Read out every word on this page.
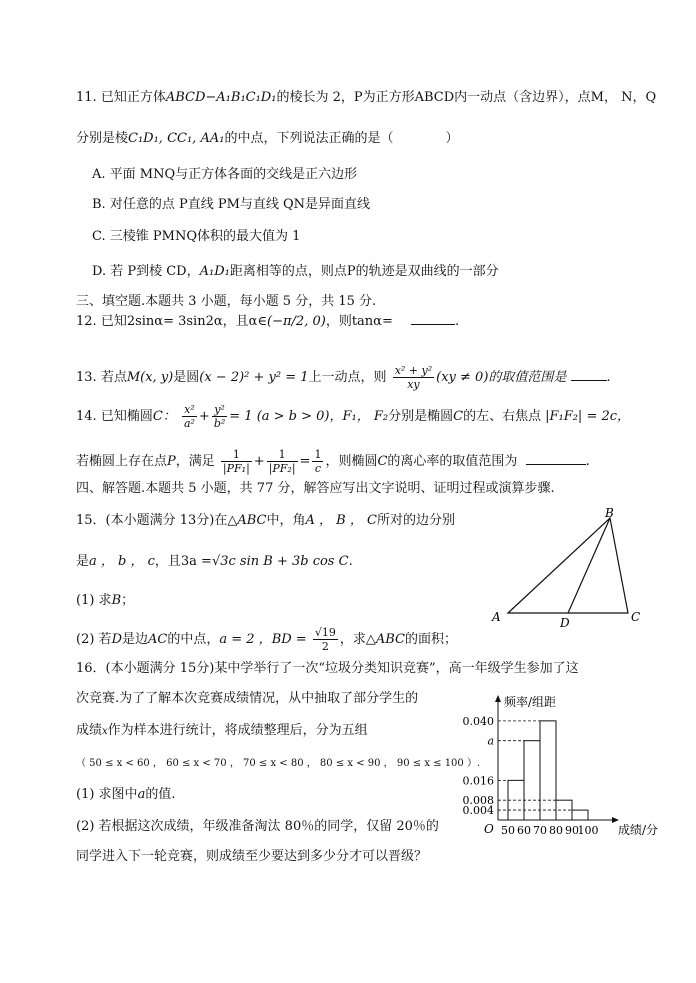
11. 已知正方体ABCD−A₁B₁C₁D₁的棱长为 2，P为正方形ABCD内一动点（含边界），点M， N，Q
分别是棱C₁D₁, CC₁, AA₁的中点，下列说法正确的是（　　　　）
A. 平面 MNQ与正方体各面的交线是正六边形
B. 对任意的点 P直线 PM与直线 QN是异面直线
C. 三棱锥 PMNQ体积的最大值为 1
D. 若 P到棱 CD，A₁D₁距离相等的点，则点P的轨迹是双曲线的一部分
三、填空题.本题共 3 小题，每小题 5 分，共 15 分.
12. 已知2sinα= 3sin2α，且α∈(−π/2, 0)，则tanα=	.
13. 若点M(x, y)是圆(x − 2)² + y² = 1上一动点，则 $\frac{\text{x² + y²}}{xy} (xy \ne 0)$的取值范围是	.
14. 已知椭圆C： $\frac{\text{x²}}{\text{a²}} + \frac{\text{y²}}{\text{b²}} = 1$ (a > b > 0)，F₁， F₂分别是椭圆C的左、右焦点 |F₁F₂| = 2c，
若椭圆上存在点P，满足 $\frac{1}{\text{|PF₁|}} + \frac{1}{\text{|PF₂|}} = \frac{1}{c}$ ，则椭圆C的离心率的取值范围为	.
四、解答题.本题共 5 小题，共 77 分，解答应写出文字说明、证明过程或演算步骤.
15．(本小题满分 13分)在△ABC中，角A ， B ， C所对的边分别
是a ， b ， c，且3a =√3c sin B + 3b cos C.
(1) 求B；
(2) 若D是边AC的中点，a = 2 ，BD = $\frac{√19}{2}$ ，求△ABC的面积；
B
A	D	C
16．(本小题满分 15分)某中学举行了一次“垃圾分类知识竞赛”，高一年级学生参加了这
次竞赛.为了了解本次竞赛成绩情况，从中抽取了部分学生的
成绩x作为样本进行统计，将成绩整理后，分为五组
（ 50 ≤ x < 60 ， 60 ≤ x < 70 ， 70 ≤ x < 80 ， 80 ≤ x < 90 ， 90 ≤ x ≤ 100 ）.
(1) 求图中a的值.
(2) 若根据这次成绩，年级准备淘汰 80％的同学，仅留 20％的
同学进入下一轮竞赛，则成绩至少要达到多少分才可以晋级？
0.004
0.008
0.016
a
0.040
50 60 70 80 90
100
频率/组距
成绩/分
O
